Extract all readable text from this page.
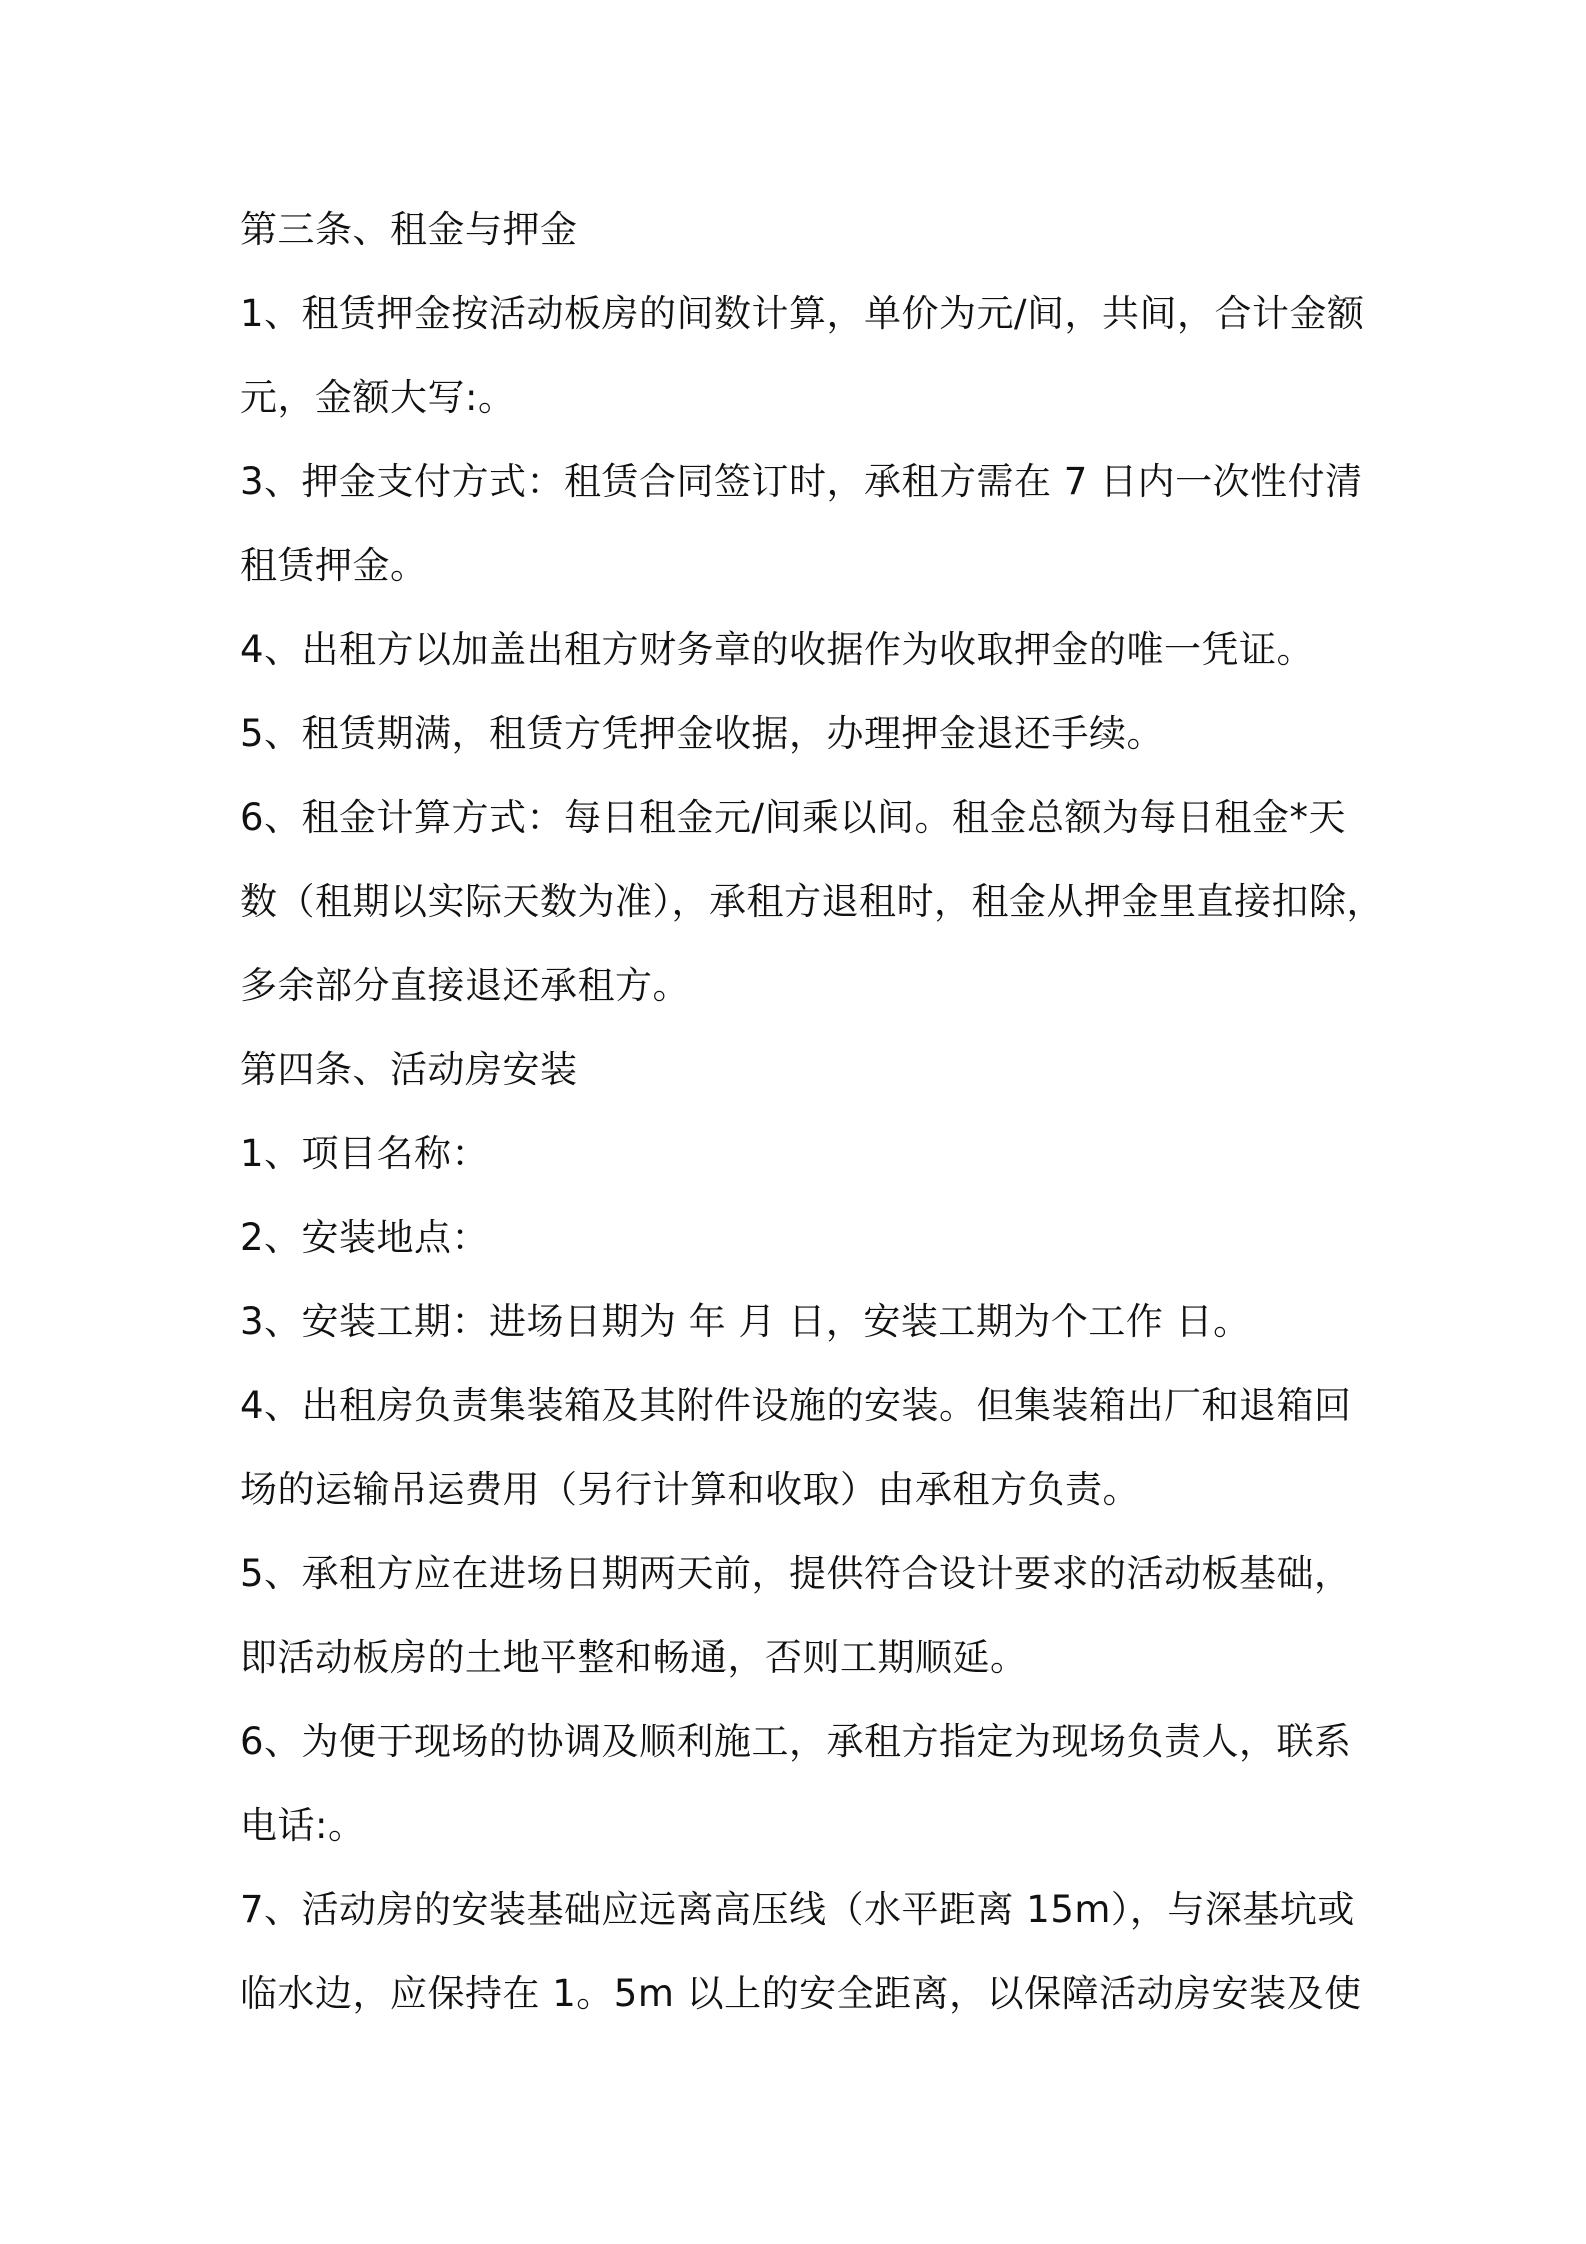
第三条、租金与押金
1、租赁押金按活动板房的间数计算，单价为元/间，共间，合计金额
元，金额大写:。
3、押金支付方式：租赁合同签订时，承租方需在 7 日内一次性付清
租赁押金。
4、出租方以加盖出租方财务章的收据作为收取押金的唯一凭证。
5、租赁期满，租赁方凭押金收据，办理押金退还手续。
6、租金计算方式：每日租金元/间乘以间。租金总额为每日租金*天
数（租期以实际天数为准），承租方退租时，租金从押金里直接扣除，
多余部分直接退还承租方。
第四条、活动房安装
1、项目名称：
2、安装地点：
3、安装工期：进场日期为 年 月 日，安装工期为个工作 日。
4、出租房负责集装箱及其附件设施的安装。但集装箱出厂和退箱回
场的运输吊运费用（另行计算和收取）由承租方负责。
5、承租方应在进场日期两天前，提供符合设计要求的活动板基础，
即活动板房的土地平整和畅通，否则工期顺延。
6、为便于现场的协调及顺利施工，承租方指定为现场负责人，联系
电话:。
7、活动房的安装基础应远离高压线（水平距离 15m），与深基坑或
临水边，应保持在 1。5m 以上的安全距离，以保障活动房安装及使
